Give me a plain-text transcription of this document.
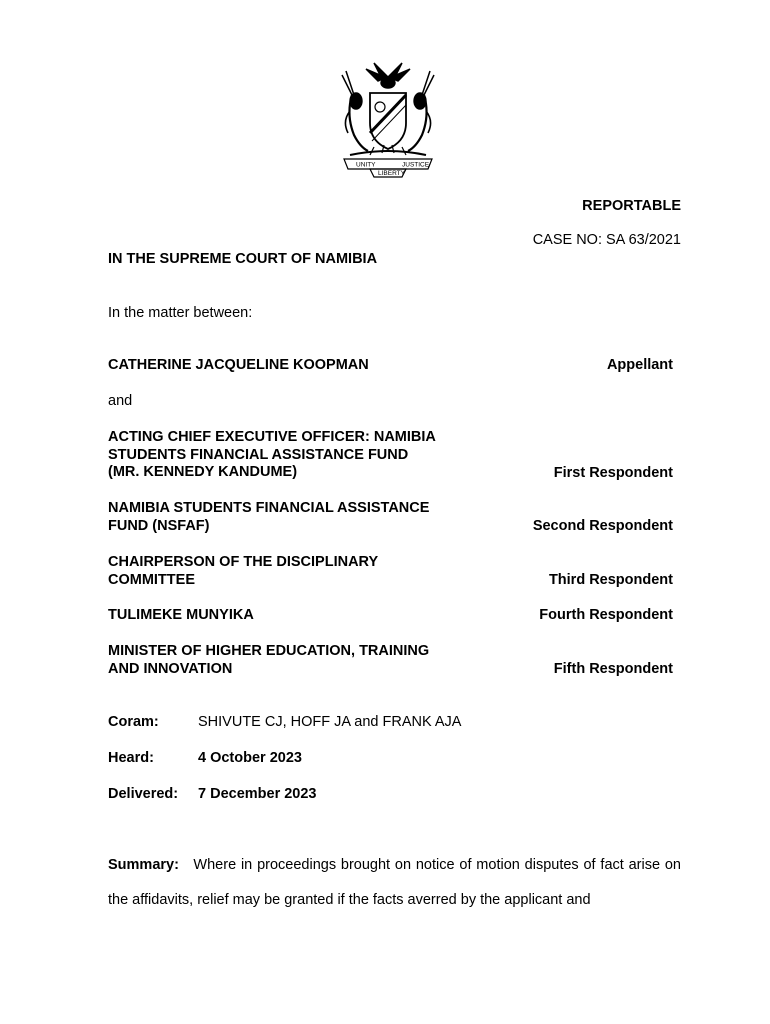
UNITY	JUSTICE
LIBERTY
REPORTABLE
CASE NO: SA 63/2021
IN THE SUPREME COURT OF NAMIBIA
In the matter between:
CATHERINE JACQUELINE KOOPMAN	Appellant
and
ACTING CHIEF EXECUTIVE OFFICER: NAMIBIA
STUDENTS FINANCIAL ASSISTANCE FUND
(MR. KENNEDY KANDUME)	First Respondent
NAMIBIA STUDENTS FINANCIAL ASSISTANCE
FUND (NSFAF)	Second Respondent
CHAIRPERSON OF THE DISCIPLINARY
COMMITTEE	Third Respondent
TULIMEKE MUNYIKA	Fourth Respondent
MINISTER OF HIGHER EDUCATION, TRAINING
AND INNOVATION	Fifth Respondent
Coram:	SHIVUTE CJ, HOFF JA and FRANK AJA
Heard:	4 October 2023
Delivered: 7 December 2023
Summary: Where in proceedings brought on notice of motion disputes of fact arise on the affidavits, relief may be granted if the facts averred by the applicant and
